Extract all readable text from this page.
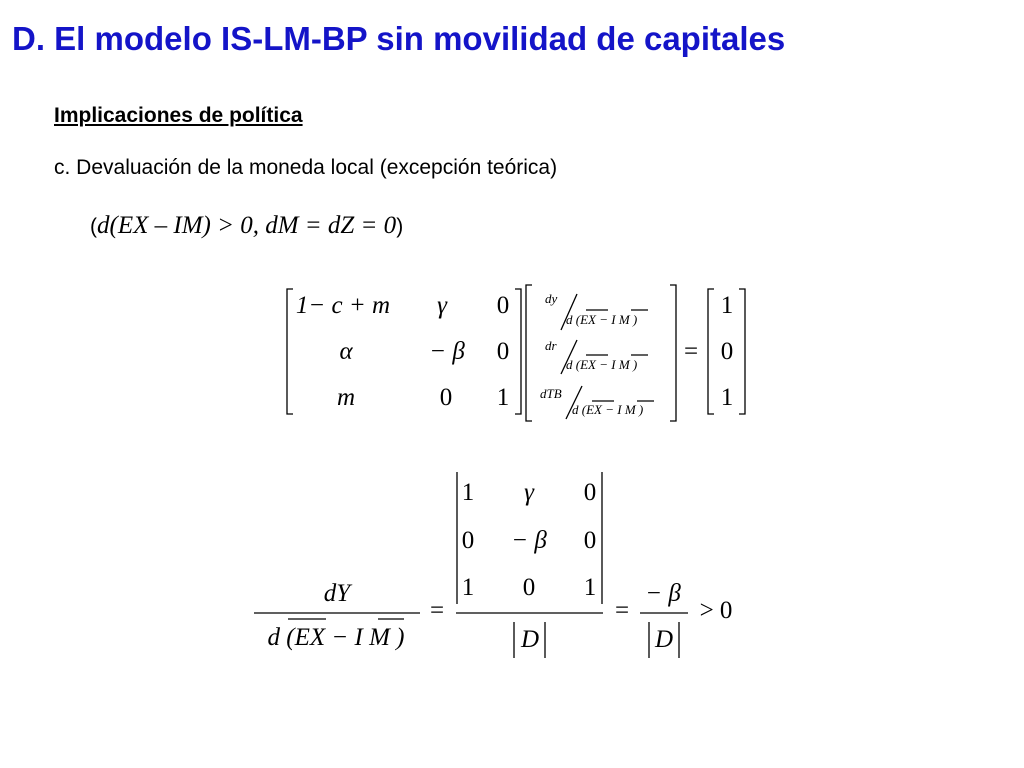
D. El modelo IS-LM-BP sin movilidad de capitales
Implicaciones de política
c. Devaluación de la moneda local (excepción teórica)
(d(EX – IM) > 0, dM = dZ = 0)
1− c + m γ 0
α	− β 0
m	0 1
dy
d (EX − I M )
dr
d (EX − I M )
dTB
d (EX − I M )
=
1
0
1
dY
d (EX − I M )
=
1 γ 0
0 − β 0
1 0 1
D
=
− β
D
> 0
